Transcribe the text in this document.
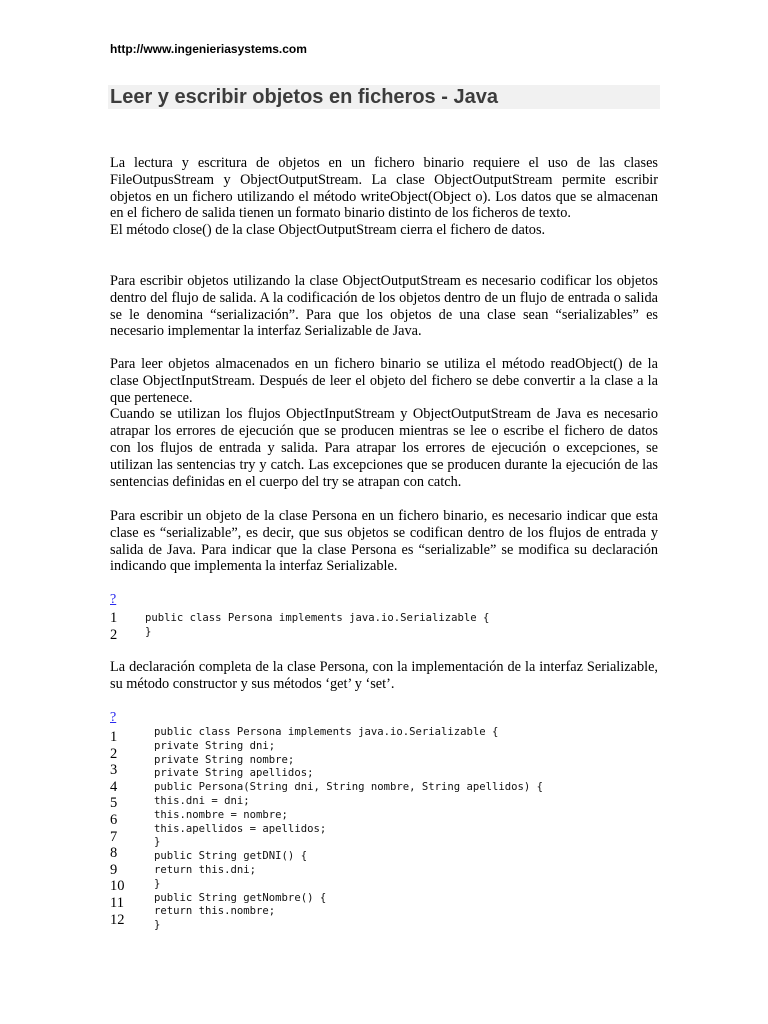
http://www.ingenieriasystems.com
Leer y escribir objetos en ficheros - Java

La lectura y escritura de objetos en un fichero binario requiere el uso de las clases FileOutpusStream y ObjectOutputStream. La clase ObjectOutputStream permite escribir objetos en un fichero utilizando el método writeObject(Object o). Los datos que se almacenan en el fichero de salida tienen un formato binario distinto de los ficheros de texto.

El método close() de la clase ObjectOutputStream cierra el fichero de datos.

Para escribir objetos utilizando la clase ObjectOutputStream es necesario codificar los objetos dentro del flujo de salida. A la codificación de los objetos dentro de un flujo de entrada o salida se le denomina “serialización”. Para que los objetos de una clase sean “serializables” es necesario implementar la interfaz Serializable de Java.

Para leer objetos almacenados en un fichero binario se utiliza el método readObject() de la clase ObjectInputStream. Después de leer el objeto del fichero se debe convertir a la clase a la que pertenece.

Cuando se utilizan los flujos ObjectInputStream y ObjectOutputStream de Java es necesario atrapar los errores de ejecución que se producen mientras se lee o escribe el fichero de datos con los flujos de entrada y salida. Para atrapar los errores de ejecución o excepciones, se utilizan las sentencias try y catch. Las excepciones que se producen durante la ejecución de las sentencias definidas en el cuerpo del try se atrapan con catch.

Para escribir un objeto de la clase Persona en un fichero binario, es necesario indicar que esta clase es “serializable”, es decir, que sus objetos se codifican dentro de los flujos de entrada y salida de Java. Para indicar que la clase Persona es “serializable” se modifica su declaración indicando que implementa la interfaz Serializable.

?
1
2
public class Persona implements java.io.Serializable {
}

La declaración completa de la clase Persona, con la implementación de la interfaz Serializable, su método constructor y sus métodos ‘get’ y ‘set’.

?
1
2
3
4
5
6
7
8
9
10
11
12
public class Persona implements java.io.Serializable {
private String dni;
private String nombre;
private String apellidos;
public Persona(String dni, String nombre, String apellidos) {
this.dni = dni;
this.nombre = nombre;
this.apellidos = apellidos;
}
public String getDNI() {
return this.dni;
}
public String getNombre() {
return this.nombre;
}
